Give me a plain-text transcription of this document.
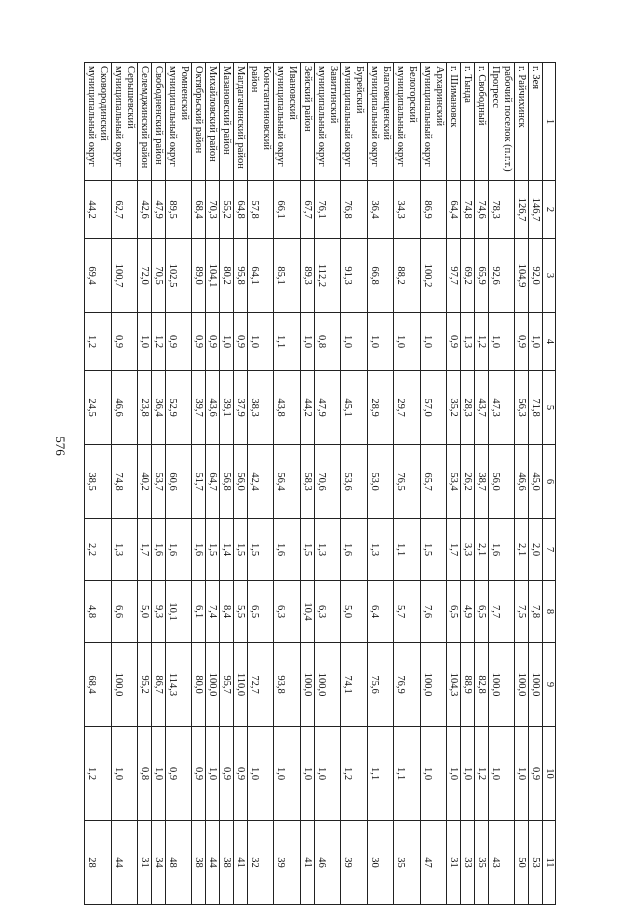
576
1	2	3	4	5	6	7	8	9	10	11
г. Зея	146,7	92,0	1,0	71,8	45,0	2,0	7,8	100,0	0,9	53
г. Райчихинск	126,7	104,9	0,9	56,3	46,6	2,1	7,5	100,0	1,0	50
рабочий поселок (п.г.т.) Прогресс	78,3	92,6	1,0	47,3	56,0	1,6	7,7	100,0	1,0	43
г. Свободный	74,6	65,9	1,2	43,7	38,7	2,1	6,5	82,8	1,2	35
г. Тында	74,8	69,2	1,3	28,3	26,2	3,3	4,9	88,9	1,0	33
г. Шимановск	64,4	97,7	0,9	35,2	53,4	1,7	6,5	104,3	1,0	31
Архаринский муниципальный округ	86,9	100,2	1,0	57,0	65,7	1,5	7,6	100,0	1,0	47
Белогорский муниципальный округ	34,3	88,2	1,0	29,7	76,5	1,1	5,7	76,9	1,1	35
Благовещенский муниципальный округ	36,4	66,8	1,0	28,9	53,0	1,3	6,4	75,6	1,1	30
Бурейский муниципальный округ	76,8	91,3	1,0	45,1	53,6	1,6	5,0	74,1	1,2	39
Завитинский муниципальный округ	76,1	112,2	0,8	47,9	70,6	1,3	6,3	100,0	1,0	46
Зейский район	67,7	89,3	1,0	44,2	58,3	1,5	10,4	100,0	1,0	41
Ивановский муниципальный округ	66,1	85,1	1,1	43,8	56,4	1,6	6,3	93,8	1,0	39
Константиновский район	57,8	64,1	1,0	38,3	42,4	1,5	6,5	72,7	1,0	32
Магдагачинский район	64,8	95,8	0,9	37,9	56,0	1,5	5,5	110,0	0,9	41
Мазановский район	55,2	80,2	1,0	39,1	56,8	1,4	8,4	95,7	0,9	38
Михайловский район	70,3	104,1	0,9	43,6	64,7	1,5	7,4	100,0	1,0	44
Октябрьский район	68,4	89,0	0,9	39,7	51,7	1,6	6,1	80,0	0,9	38
Ромненский муниципальный округ	89,5	102,5	0,9	52,9	60,6	1,6	10,1	114,3	0,9	48
Свободненский район	47,9	70,5	1,2	36,4	53,7	1,6	9,3	86,7	1,0	34
Селемджинский район	42,6	72,0	1,0	23,8	40,2	1,7	5,0	95,2	0,8	31
Серышевский муниципальный округ	62,7	100,7	0,9	46,6	74,8	1,3	6,6	100,0	1,0	44
Сковородинский муниципальный округ	44,2	69,4	1,2	24,5	38,5	2,2	4,8	68,4	1,2	28
